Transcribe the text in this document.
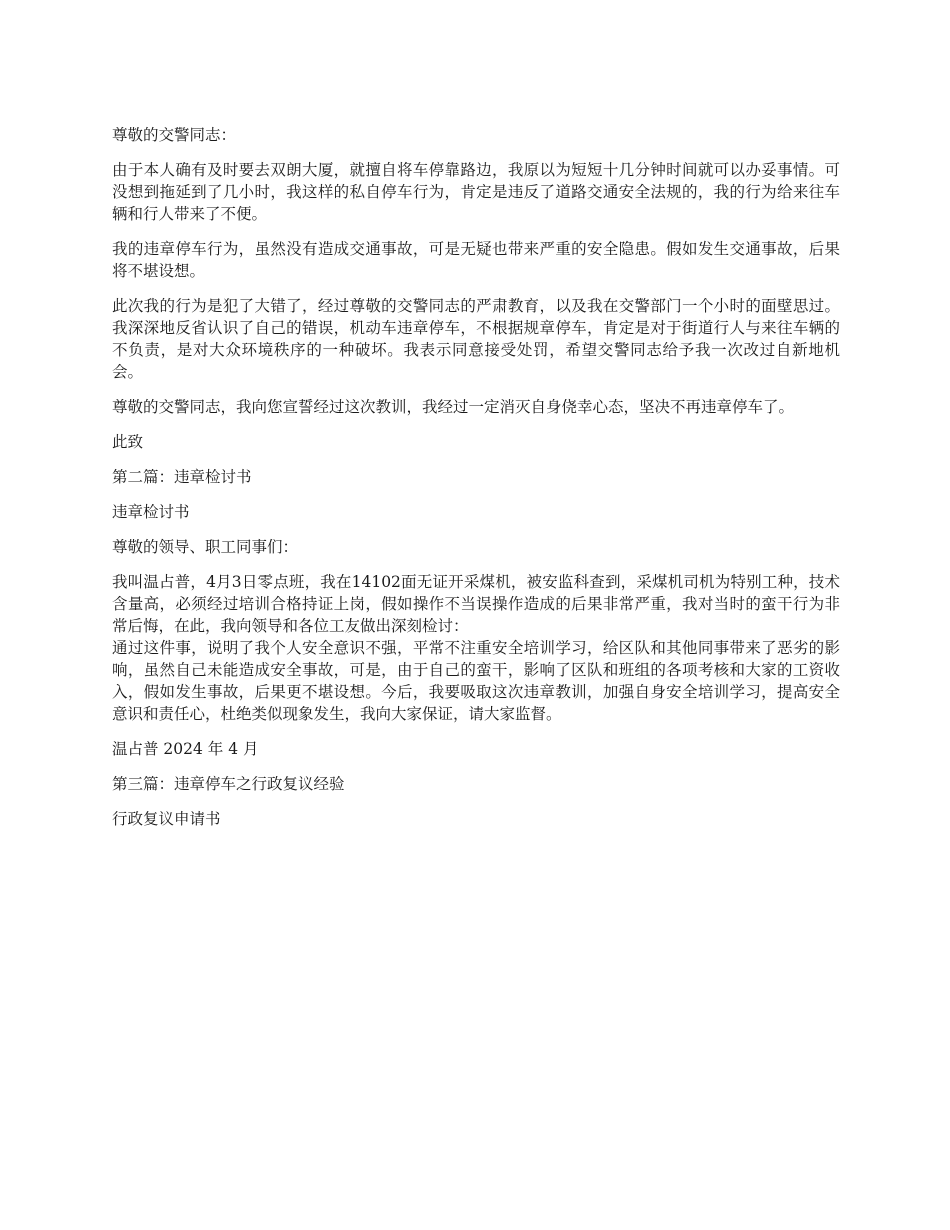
尊敬的交警同志：

由于本人确有及时要去双朗大厦，就擅自将车停靠路边，我原以为短短十几分钟时间就可以办妥事情。可没想到拖延到了几小时，我这样的私自停车行为，肯定是违反了道路交通安全法规的，我的行为给来往车辆和行人带来了不便。

我的违章停车行为，虽然没有造成交通事故，可是无疑也带来严重的安全隐患。假如发生交通事故，后果将不堪设想。

此次我的行为是犯了大错了，经过尊敬的交警同志的严肃教育，以及我在交警部门一个小时的面壁思过。我深深地反省认识了自己的错误，机动车违章停车，不根据规章停车，肯定是对于街道行人与来往车辆的不负责，是对大众环境秩序的一种破坏。我表示同意接受处罚，希望交警同志给予我一次改过自新地机会。

尊敬的交警同志，我向您宣誓经过这次教训，我经过一定消灭自身侥幸心态，坚决不再违章停车了。

此致

第二篇：违章检讨书

违章检讨书

尊敬的领导、职工同事们：

我叫温占普，4月3日零点班，我在14102面无证开采煤机，被安监科查到，采煤机司机为特别工种，技术含量高，必须经过培训合格持证上岗，假如操作不当误操作造成的后果非常严重，我对当时的蛮干行为非常后悔，在此，我向领导和各位工友做出深刻检讨：

通过这件事，说明了我个人安全意识不强，平常不注重安全培训学习，给区队和其他同事带来了恶劣的影响，虽然自己未能造成安全事故，可是，由于自己的蛮干，影响了区队和班组的各项考核和大家的工资收入，假如发生事故，后果更不堪设想。今后，我要吸取这次违章教训，加强自身安全培训学习，提高安全意识和责任心，杜绝类似现象发生，我向大家保证，请大家监督。

温占普 2024 年 4 月

第三篇：违章停车之行政复议经验

行政复议申请书
